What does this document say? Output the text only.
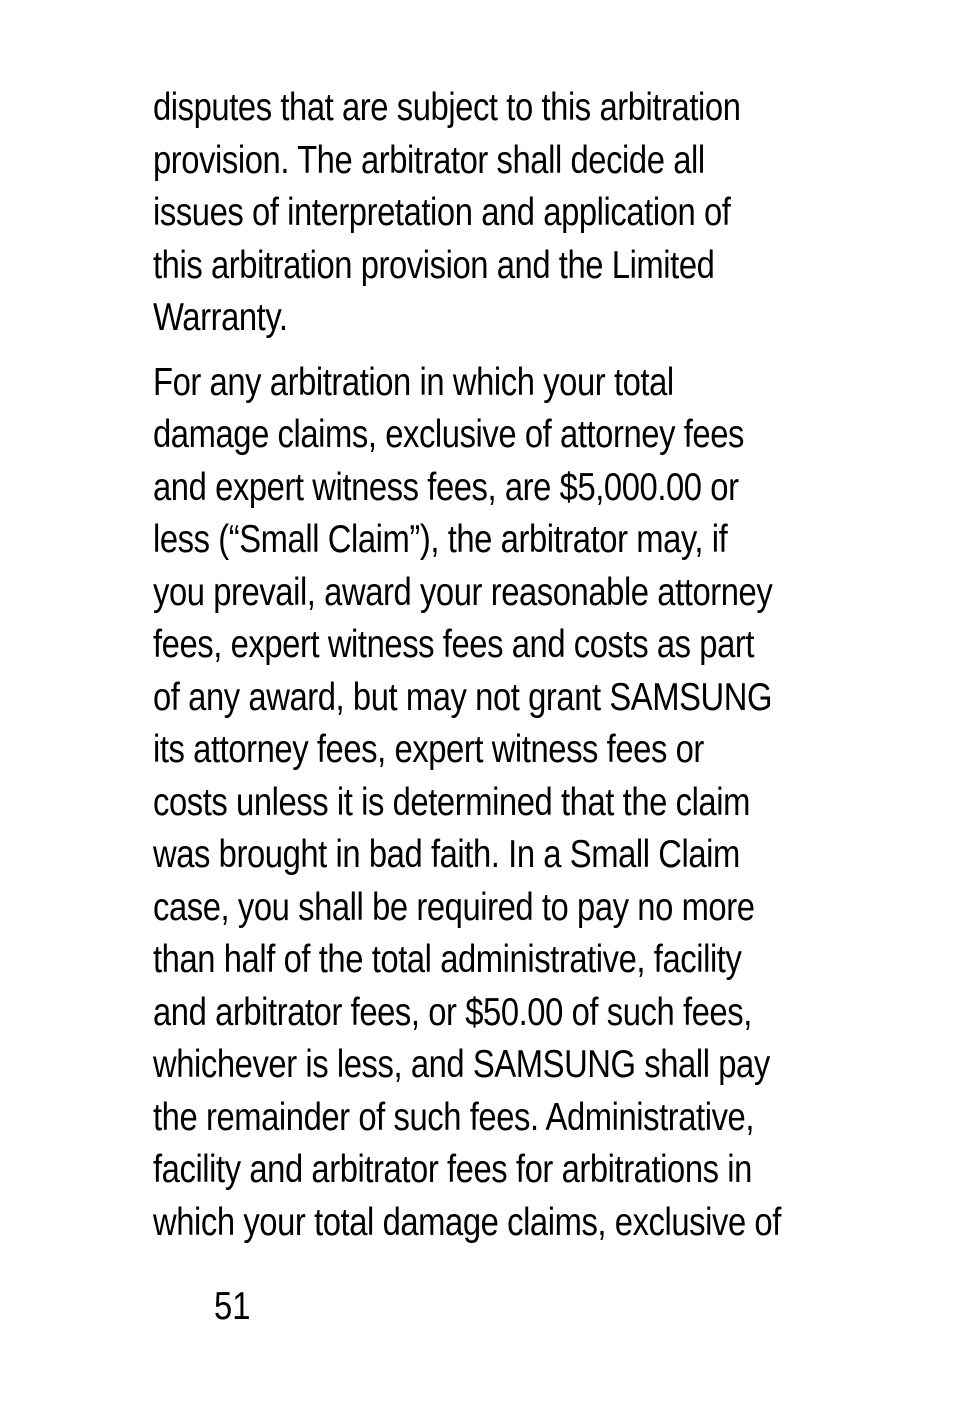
disputes that are subject to this arbitration
provision. The arbitrator shall decide all
issues of interpretation and application of
this arbitration provision and the Limited
Warranty.

For any arbitration in which your total
damage claims, exclusive of attorney fees
and expert witness fees, are $5,000.00 or
less (“Small Claim”), the arbitrator may, if
you prevail, award your reasonable attorney
fees, expert witness fees and costs as part
of any award, but may not grant SAMSUNG
its attorney fees, expert witness fees or
costs unless it is determined that the claim
was brought in bad faith. In a Small Claim
case, you shall be required to pay no more
than half of the total administrative, facility
and arbitrator fees, or $50.00 of such fees,
whichever is less, and SAMSUNG shall pay
the remainder of such fees. Administrative,
facility and arbitrator fees for arbitrations in
which your total damage claims, exclusive of

51
